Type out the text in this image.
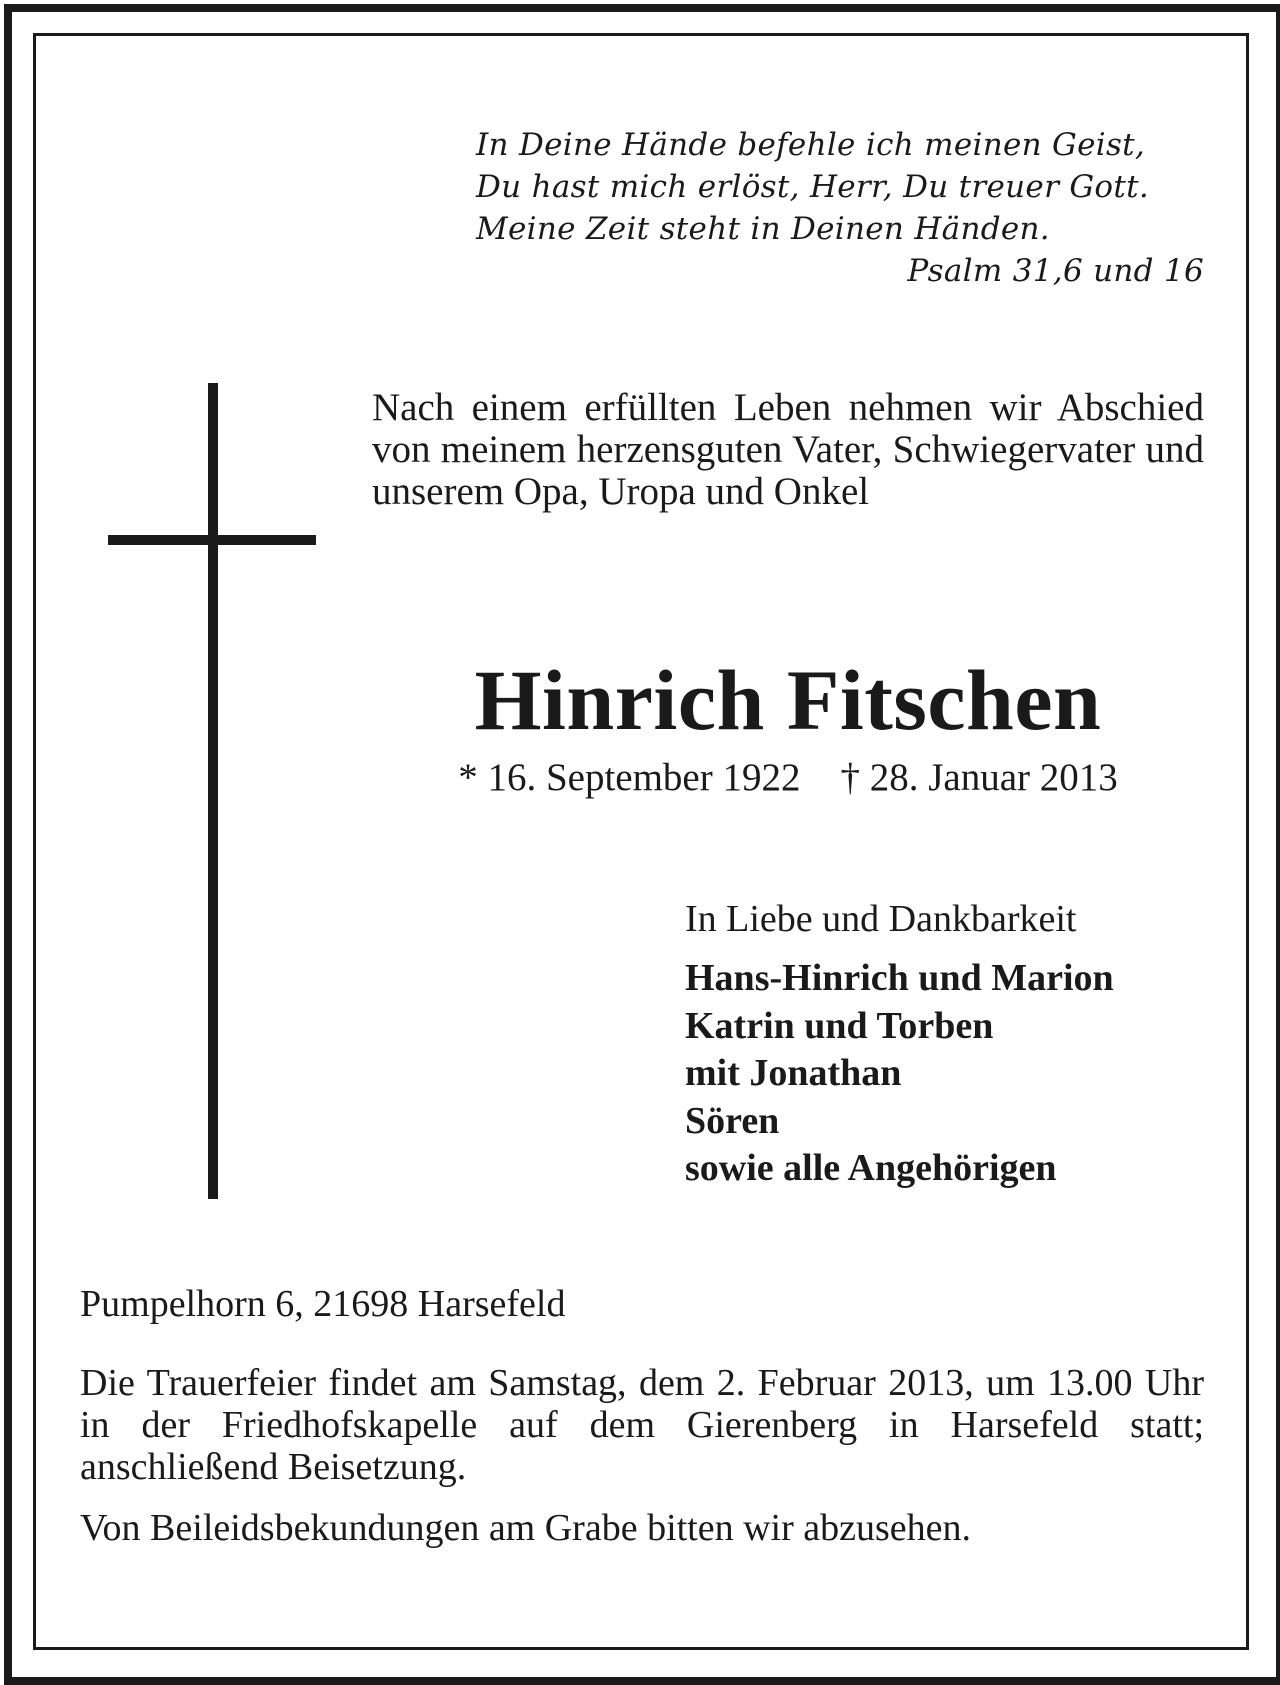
In Deine Hände befehle ich meinen Geist,
Du hast mich erlöst, Herr, Du treuer Gott.
Meine Zeit steht in Deinen Händen.
Psalm 31,6 und 16
Nach einem erfüllten Leben nehmen wir Abschied von meinem herzensguten Vater, Schwiegervater und unserem Opa, Uropa und Onkel
Hinrich Fitschen
* 16. September 1922 † 28. Januar 2013
In Liebe und Dankbarkeit
Hans-Hinrich und Marion
Katrin und Torben
mit Jonathan
Sören
sowie alle Angehörigen
Pumpelhorn 6, 21698 Harsefeld
Die Trauerfeier findet am Samstag, dem 2. Februar 2013, um 13.00 Uhr in der Friedhofskapelle auf dem Gierenberg in Harsefeld statt; anschließend Beisetzung.
Von Beileidsbekundungen am Grabe bitten wir abzusehen.
